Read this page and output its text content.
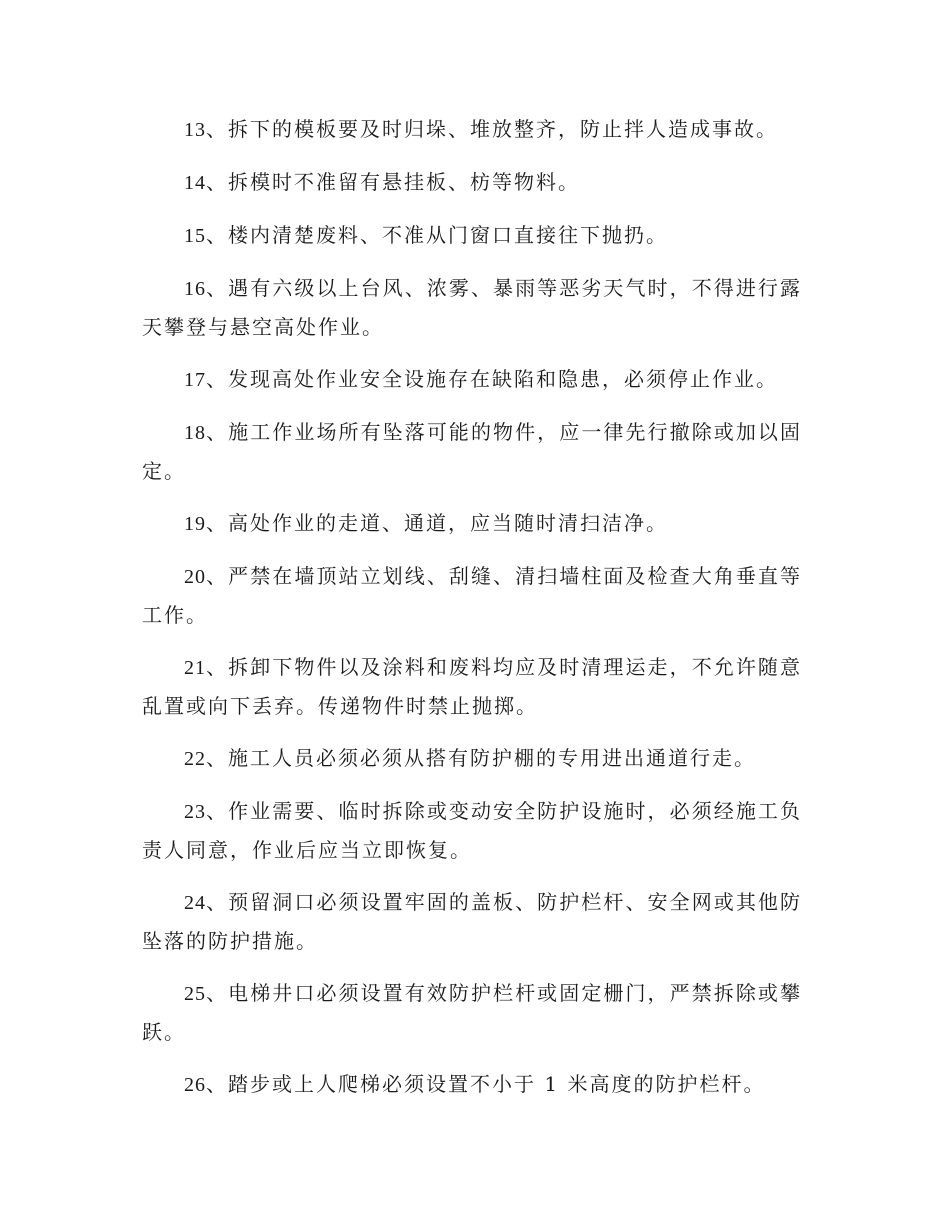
13、拆下的模板要及时归垛、堆放整齐，防止拌人造成事故。

14、拆模时不准留有悬挂板、枋等物料。

15、楼内清楚废料、不准从门窗口直接往下抛扔。

16、遇有六级以上台风、浓雾、暴雨等恶劣天气时，不得进行露天攀登与悬空高处作业。

17、发现高处作业安全设施存在缺陷和隐患，必须停止作业。

18、施工作业场所有坠落可能的物件，应一律先行撤除或加以固定。

19、高处作业的走道、通道，应当随时清扫洁净。

20、严禁在墙顶站立划线、刮缝、清扫墙柱面及检查大角垂直等工作。

21、拆卸下物件以及涂料和废料均应及时清理运走，不允许随意乱置或向下丢弃。传递物件时禁止抛掷。

22、施工人员必须必须从搭有防护棚的专用进出通道行走。

23、作业需要、临时拆除或变动安全防护设施时，必须经施工负责人同意，作业后应当立即恢复。

24、预留洞口必须设置牢固的盖板、防护栏杆、安全网或其他防坠落的防护措施。

25、电梯井口必须设置有效防护栏杆或固定栅门，严禁拆除或攀跃。

26、踏步或上人爬梯必须设置不小于 1 米高度的防护栏杆。
